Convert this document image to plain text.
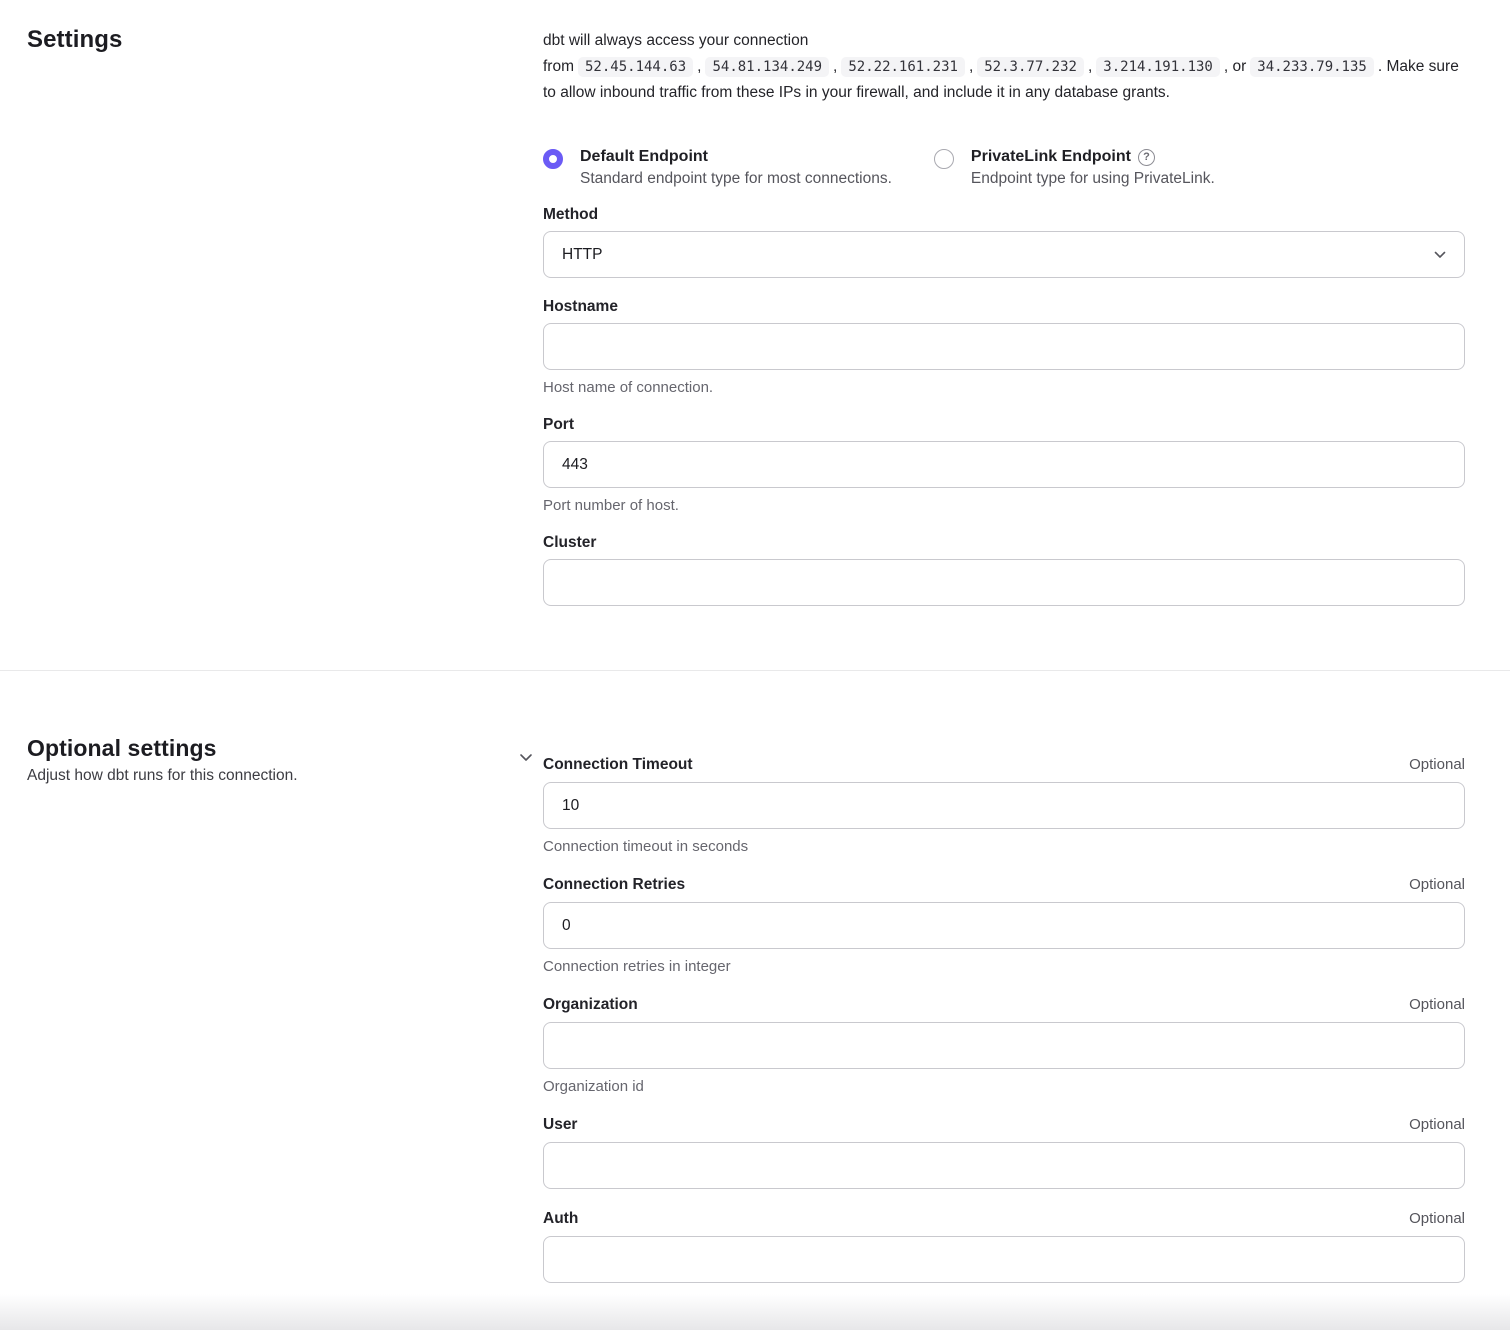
Settings	dbt will always access your connection from 52.45.144.63 , 54.81.134.249 , 52.22.161.231 , 52.3.77.232 , 3.214.191.130 , or 34.233.79.135 . Make sure to allow inbound traffic from these IPs in your firewall, and include it in any database grants.

Default Endpoint
Standard endpoint type for most connections.
PrivateLink Endpoint	?
Endpoint type for using PrivateLink.
Method
HTTP
Hostname
Host name of connection.
Port
443
Port number of host.
Cluster
Optional settings

Adjust how dbt runs for this connection.

Connection Timeout	Optional
10
Connection timeout in seconds
Connection Retries	Optional
0
Connection retries in integer
Organization	Optional
Organization id
User	Optional
Auth	Optional
